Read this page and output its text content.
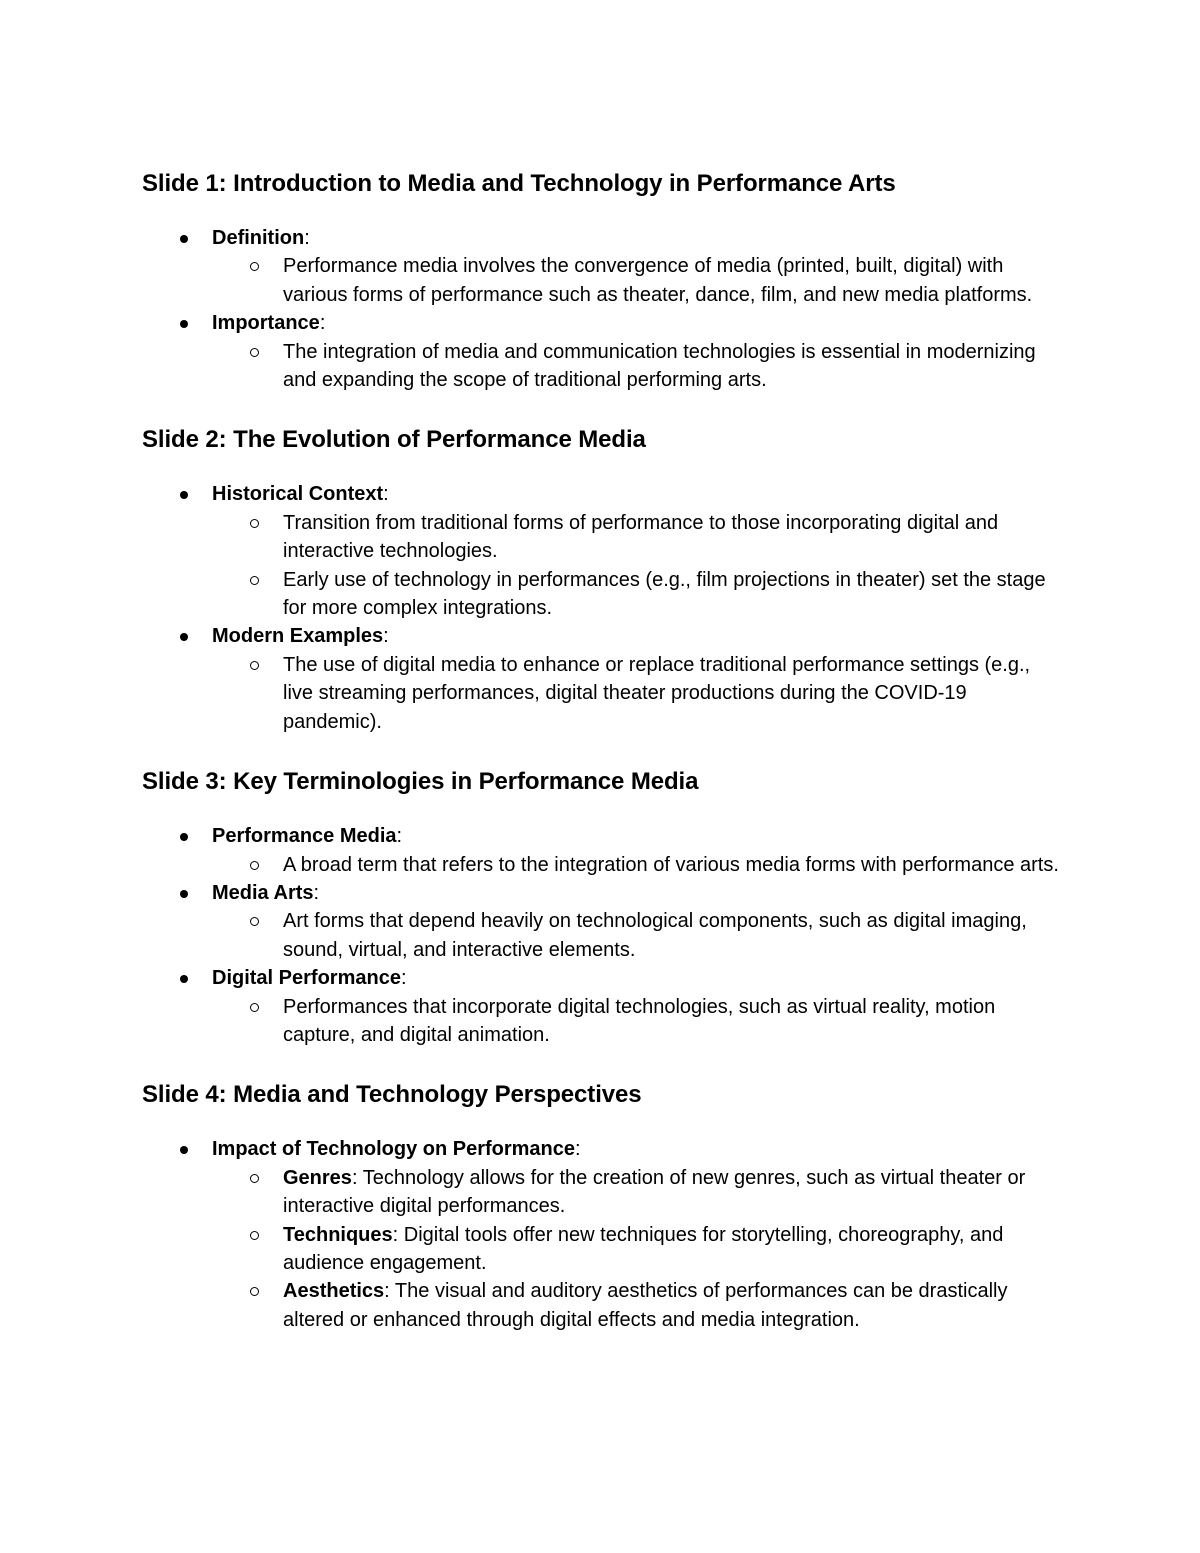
Slide 1: Introduction to Media and Technology in Performance Arts
Definition:
Performance media involves the convergence of media (printed, built, digital) with various forms of performance such as theater, dance, film, and new media platforms.
Importance:
The integration of media and communication technologies is essential in modernizing and expanding the scope of traditional performing arts.
Slide 2: The Evolution of Performance Media
Historical Context:
Transition from traditional forms of performance to those incorporating digital and interactive technologies.
Early use of technology in performances (e.g., film projections in theater) set the stage for more complex integrations.
Modern Examples:
The use of digital media to enhance or replace traditional performance settings (e.g., live streaming performances, digital theater productions during the COVID-19 pandemic).
Slide 3: Key Terminologies in Performance Media
Performance Media:
A broad term that refers to the integration of various media forms with performance arts.
Media Arts:
Art forms that depend heavily on technological components, such as digital imaging, sound, virtual, and interactive elements.
Digital Performance:
Performances that incorporate digital technologies, such as virtual reality, motion capture, and digital animation.
Slide 4: Media and Technology Perspectives
Impact of Technology on Performance:
Genres: Technology allows for the creation of new genres, such as virtual theater or interactive digital performances.
Techniques: Digital tools offer new techniques for storytelling, choreography, and audience engagement.
Aesthetics: The visual and auditory aesthetics of performances can be drastically altered or enhanced through digital effects and media integration.
